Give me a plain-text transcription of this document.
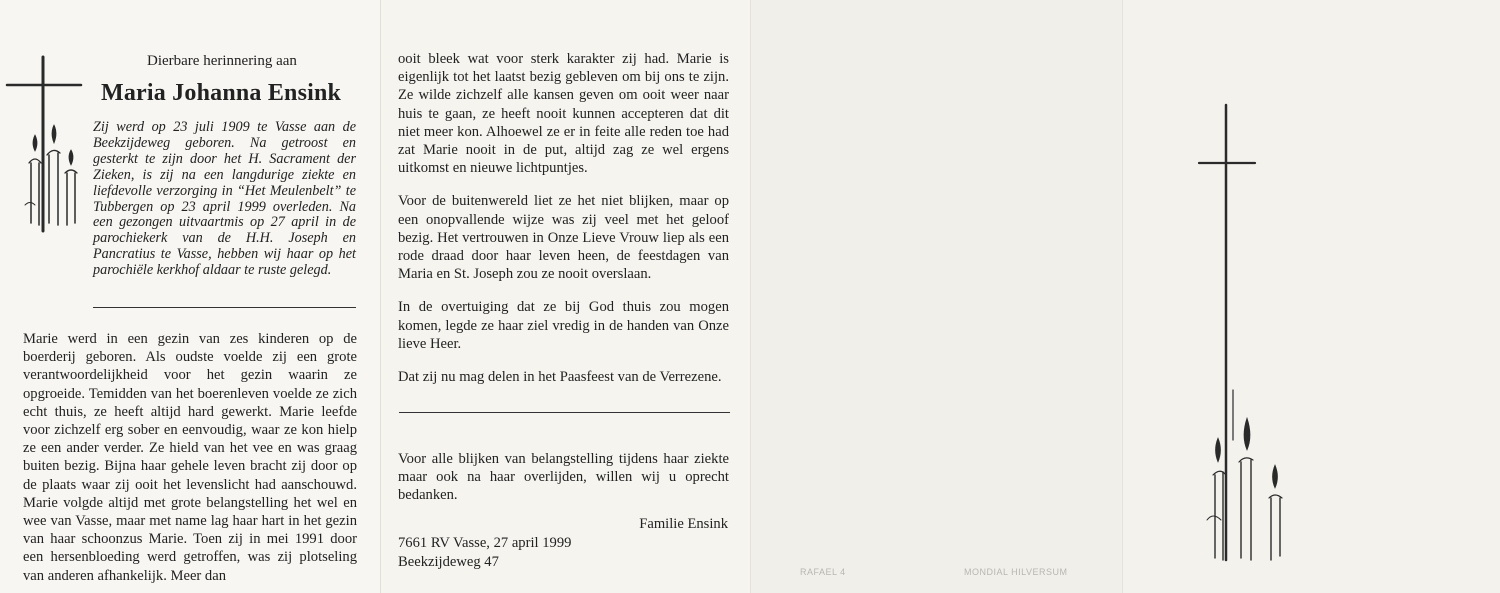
Dierbare herinnering aan
Maria Johanna Ensink
Zij werd op 23 juli 1909 te Vasse aan de Beekzijdeweg geboren. Na getroost en gesterkt te zijn door het H. Sacrament der Zieken, is zij na een langdurige ziekte en liefdevolle verzorging in “Het Meulenbelt” te Tubbergen op 23 april 1999 overleden. Na een gezongen uitvaartmis op 27 april in de parochiekerk van de H.H. Joseph en Pancratius te Vasse, hebben wij haar op het parochiële kerkhof aldaar te ruste gelegd.
Marie werd in een gezin van zes kinderen op de boerderij geboren. Als oudste voelde zij een grote verantwoordelijkheid voor het gezin waarin ze opgroeide. Temidden van het boerenleven voelde ze zich echt thuis, ze heeft altijd hard gewerkt. Marie leefde voor zichzelf erg sober en eenvoudig, waar ze kon hielp ze een ander verder. Ze hield van het vee en was graag buiten bezig. Bijna haar gehele leven bracht zij door op de plaats waar zij ooit het levenslicht had aanschouwd. Marie volgde altijd met grote belangstelling het wel en wee van Vasse, maar met name lag haar hart in het gezin van haar schoonzus Marie. Toen zij in mei 1991 door een hersenbloeding werd getroffen, was zij plotseling van anderen afhankelijk. Meer dan

ooit bleek wat voor sterk karakter zij had. Marie is eigenlijk tot het laatst bezig gebleven om bij ons te zijn. Ze wilde zichzelf alle kansen geven om ooit weer naar huis te gaan, ze heeft nooit kunnen accepteren dat dit niet meer kon. Alhoewel ze er in feite alle reden toe had zat Marie nooit in de put, altijd zag ze wel ergens uitkomst en nieuwe lichtpuntjes.

Voor de buitenwereld liet ze het niet blijken, maar op een onopvallende wijze was zij veel met het geloof bezig. Het vertrouwen in Onze Lieve Vrouw liep als een rode draad door haar leven heen, de feestdagen van Maria en St. Joseph zou ze nooit overslaan.

In de overtuiging dat ze bij God thuis zou mogen komen, legde ze haar ziel vredig in de handen van Onze lieve Heer.

Dat zij nu mag delen in het Paasfeest van de Verrezene.

Voor alle blijken van belangstelling tijdens haar ziekte maar ook na haar overlijden, willen wij u oprecht bedanken.
Familie Ensink
7661 RV Vasse, 27 april 1999
Beekzijdeweg 47
RAFAEL 4	MONDIAL HILVERSUM
